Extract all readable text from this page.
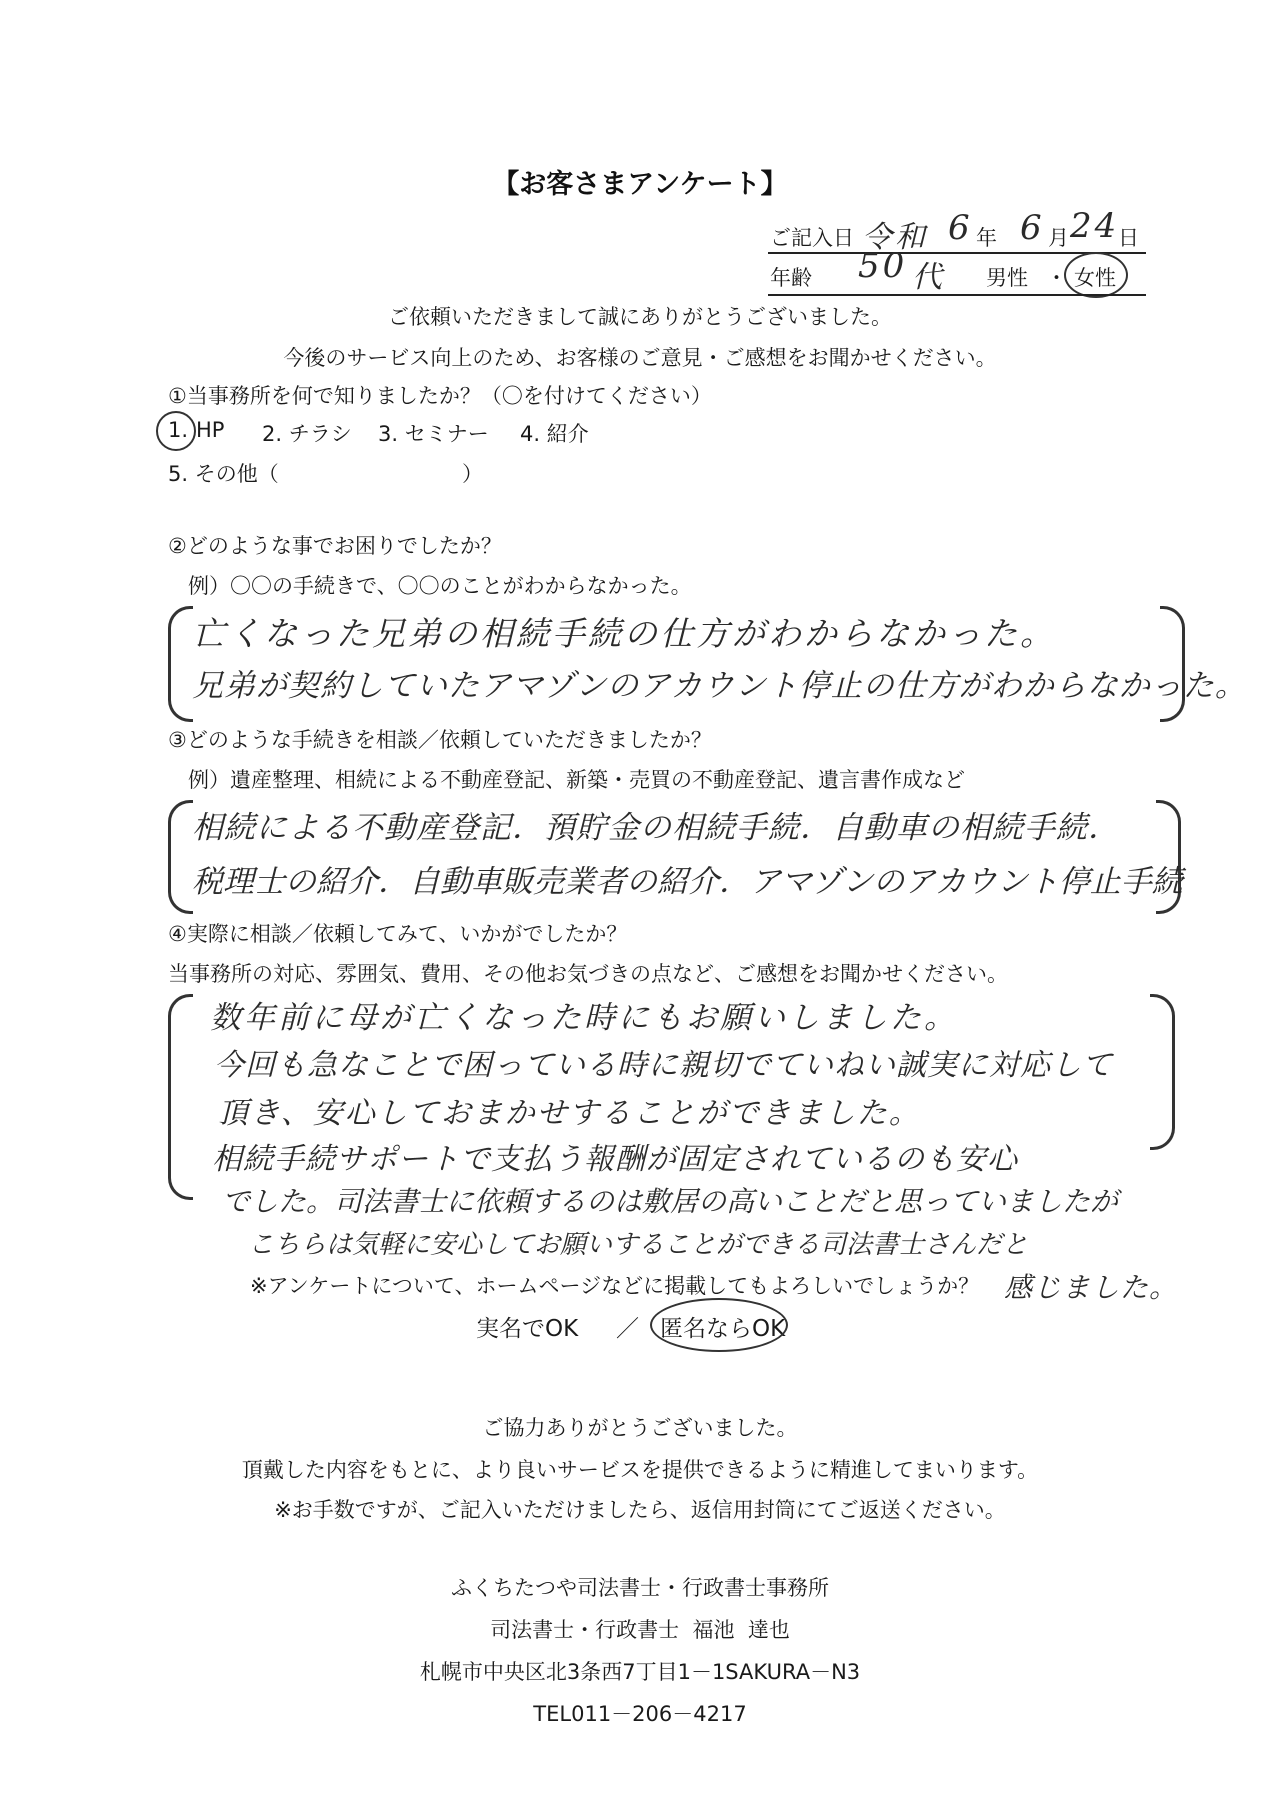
【お客さまアンケート】
ご記入日 令和 6 年 6 月 24
日
年齢 50 代 男性 ・ 女性
ご依頼いただきまして誠にありがとうございました。
今後のサービス向上のため、お客様のご意見・ご感想をお聞かせください。
①当事務所を何で知りましたか？（〇を付けてください）
1. HP 2. チラシ 3. セミナー 4. 紹介
5. その他（	）
②どのような事でお困りでしたか？
例）〇〇の手続きで、〇〇のことがわからなかった。
亡くなった兄弟の相続手続の仕方がわからなかった。
兄弟が契約していたアマゾンのアカウント停止の仕方がわからなかった。
③どのような手続きを相談／依頼していただきましたか？
例）遺産整理、相続による不動産登記、新築・売買の不動産登記、遺言書作成など
相続による不動産登記．預貯金の相続手続．自動車の相続手続．
税理士の紹介．自動車販売業者の紹介．アマゾンのアカウント停止手続
④実際に相談／依頼してみて、いかがでしたか？
当事務所の対応、雰囲気、費用、その他お気づきの点など、ご感想をお聞かせください。
数年前に母が亡くなった時にもお願いしました。
今回も急なことで困っている時に親切でていねい誠実に対応して
頂き、安心しておまかせすることができました。
相続手続サポートで支払う報酬が固定されているのも安心
でした。司法書士に依頼するのは敷居の高いことだと思っていましたが
こちらは気軽に安心してお願いすることができる司法書士さんだと
感じました。
※アンケートについて、ホームページなどに掲載してもよろしいでしょうか？
実名でOK ／ 匿名ならOK
ご協力ありがとうございました。
頂戴した内容をもとに、より良いサービスを提供できるように精進してまいります。
※お手数ですが、ご記入いただけましたら、返信用封筒にてご返送ください。
ふくちたつや司法書士・行政書士事務所
司法書士・行政書士  福池  達也
札幌市中央区北3条西7丁目1－1SAKURA－N3
TEL011－206－4217
